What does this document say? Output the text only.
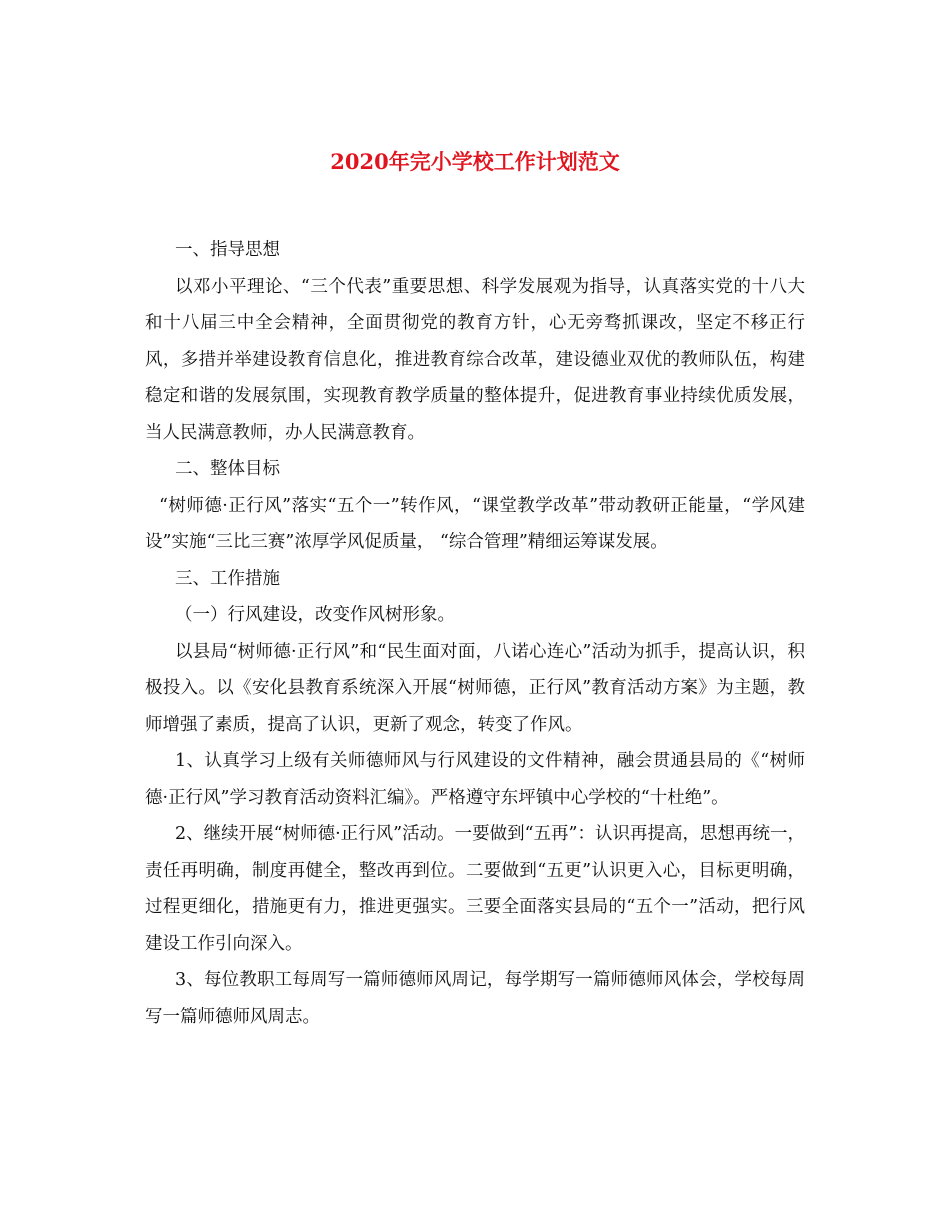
2020年完小学校工作计划范文

一、指导思想

以邓小平理论、“三个代表”重要思想、科学发展观为指导，认真落实党的十八大和十八届三中全会精神，全面贯彻党的教育方针，心无旁骛抓课改，坚定不移正行风，多措并举建设教育信息化，推进教育综合改革，建设德业双优的教师队伍，构建稳定和谐的发展氛围，实现教育教学质量的整体提升，促进教育事业持续优质发展，当人民满意教师，办人民满意教育。

二、整体目标

“树师德·正行风”落实“五个一”转作风，“课堂教学改革”带动教研正能量，“学风建设”实施“三比三赛”浓厚学风促质量， “综合管理”精细运筹谋发展。

三、工作措施

（一）行风建设，改变作风树形象。

以县局“树师德·正行风”和“民生面对面，八诺心连心”活动为抓手，提高认识，积极投入。以《安化县教育系统深入开展“树师德，正行风”教育活动方案》为主题，教师增强了素质，提高了认识，更新了观念，转变了作风。

1、认真学习上级有关师德师风与行风建设的文件精神，融会贯通县局的《“树师德·正行风”学习教育活动资料汇编》。严格遵守东坪镇中心学校的“十杜绝”。

2、继续开展“树师德·正行风”活动。一要做到“五再”：认识再提高，思想再统一，责任再明确，制度再健全，整改再到位。二要做到“五更”认识更入心，目标更明确，过程更细化，措施更有力，推进更强实。三要全面落实县局的“五个一”活动，把行风建设工作引向深入。

3、每位教职工每周写一篇师德师风周记，每学期写一篇师德师风体会，学校每周写一篇师德师风周志。
